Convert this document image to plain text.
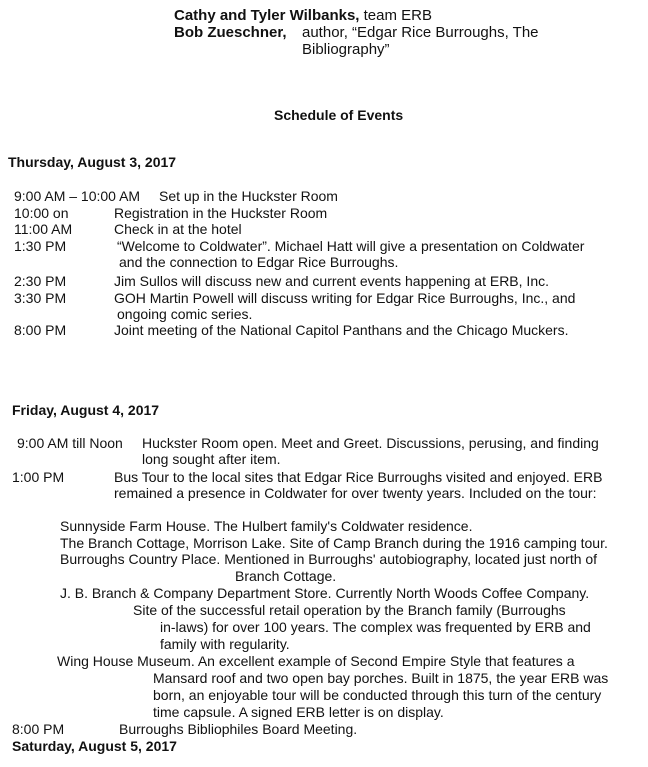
Cathy and Tyler Wilbanks, team ERB
Bob Zueschner, author, “Edgar Rice Burroughs, The
Bibliography”
Schedule of Events
Thursday, August 3, 2017
9:00 AM – 10:00 AM Set up in the Huckster Room
10:00 on	Registration in the Huckster Room
11:00 AM	Check in at the hotel
1:30 PM	“Welcome to Coldwater”. Michael Hatt will give a presentation on Coldwater
and the connection to Edgar Rice Burroughs.
2:30 PM	Jim Sullos will discuss new and current events happening at ERB, Inc.
3:30 PM	GOH Martin Powell will discuss writing for Edgar Rice Burroughs, Inc., and
ongoing comic series.
8:00 PM	Joint meeting of the National Capitol Panthans and the Chicago Muckers.
Friday, August 4, 2017
9:00 AM till Noon Huckster Room open. Meet and Greet. Discussions, perusing, and finding
long sought after item.
1:00 PM	Bus Tour to the local sites that Edgar Rice Burroughs visited and enjoyed. ERB
remained a presence in Coldwater for over twenty years. Included on the tour:
Sunnyside Farm House. The Hulbert family's Coldwater residence.
The Branch Cottage, Morrison Lake. Site of Camp Branch during the 1916 camping tour.
Burroughs Country Place. Mentioned in Burroughs' autobiography, located just north of
Branch Cottage.
J. B. Branch & Company Department Store. Currently North Woods Coffee Company.
Site of the successful retail operation by the Branch family (Burroughs
in-laws) for over 100 years. The complex was frequented by ERB and
family with regularity.
Wing House Museum. An excellent example of Second Empire Style that features a
Mansard roof and two open bay porches. Built in 1875, the year ERB was
born, an enjoyable tour will be conducted through this turn of the century
time capsule. A signed ERB letter is on display.
8:00 PM	Burroughs Bibliophiles Board Meeting.
Saturday, August 5, 2017
